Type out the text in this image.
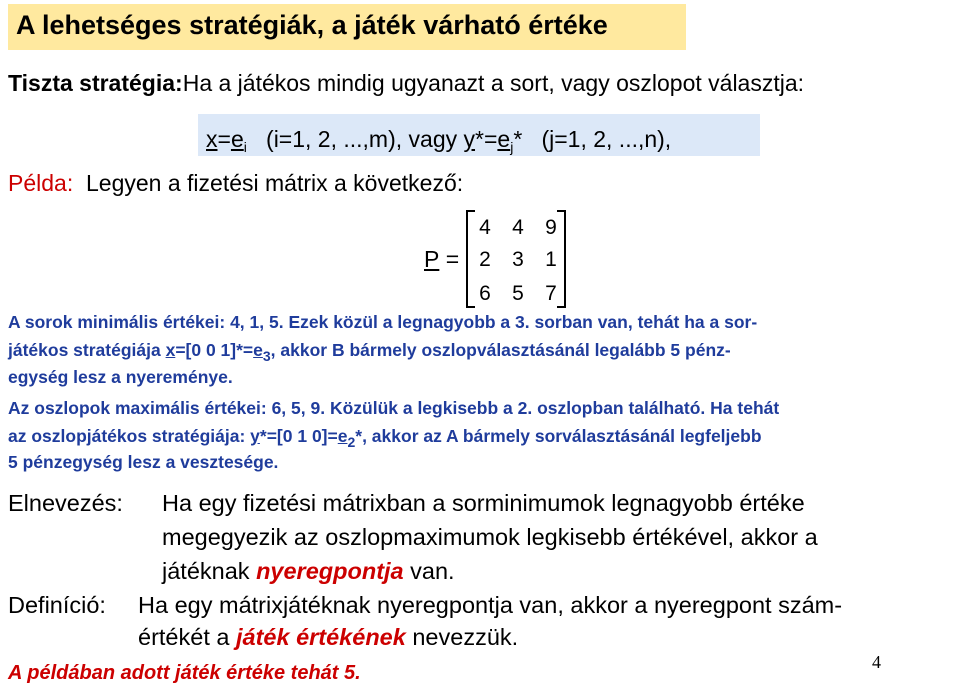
A lehetséges stratégiák, a játék várható értéke
Tiszta stratégia:Ha a játékos mindig ugyanazt a sort, vagy oszlopot választja:
$x=e_i$ (i=1, 2, ...,m), vagy $y*=e_j*$ (j=1, 2, ...,n),
Példa: Legyen a fizetési mátrix a következő:
P =
4	4	9
2	3	1
6	5	7
A sorok minimális értékei: 4, 1, 5. Ezek közül a legnagyobb a 3. sorban van, tehát ha a sor-
játékos stratégiája x=[0 0 $1]*=e_3$, akkor B bármely oszlopválasztásánál legalább 5 pénz-
egység lesz a nyereménye.
Az oszlopok maximális értékei: 6, 5, 9. Közülük a legkisebb a 2. oszlopban található. Ha tehát
az oszlopjátékos stratégiája: y*=[0 1 $0]=e_2*$, akkor az A bármely sorválasztásánál legfeljebb
5 pénzegység lesz a vesztesége.
Elnevezés: Ha egy fizetési mátrixban a sorminimumok legnagyobb értéke
megegyezik az oszlopmaximumok legkisebb értékével, akkor a
játéknak nyeregpontja van.
Definíció: Ha egy mátrixjátéknak nyeregpontja van, akkor a nyeregpont szám-
értékét a játék értékének nevezzük.
A példában adott játék értéke tehát 5.	4
